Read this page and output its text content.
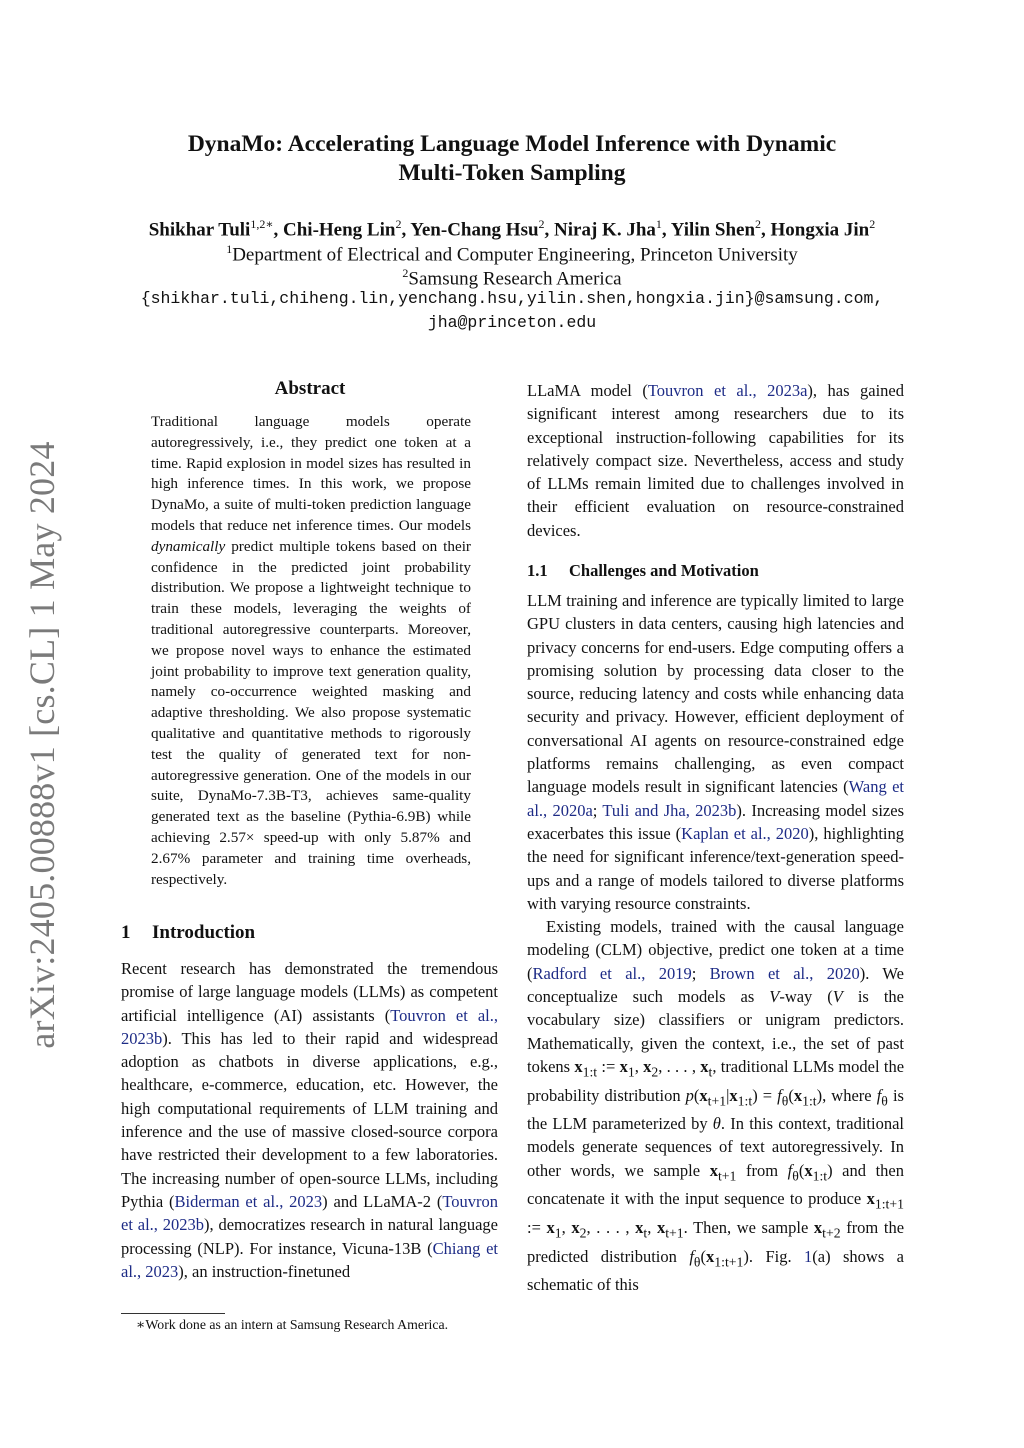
arXiv:2405.00888v1 [cs.CL] 1 May 2024
DynaMo: Accelerating Language Model Inference with Dynamic
Multi-Token Sampling
Shikhar Tuli$^{1,2∗}$, Chi-Heng Lin$^2$, Yen-Chang Hsu$^2$, Niraj K. Jha$^1$, Yilin Shen$^2$, Hongxia Jin$^2$
$^1$Department of Electrical and Computer Engineering, Princeton University
$^2$Samsung Research America
{shikhar.tuli,chiheng.lin,yenchang.hsu,yilin.shen,hongxia.jin}@samsung.com,
jha@princeton.edu
Abstract
Traditional language models operate autoregressively, i.e., they predict one token at a time. Rapid explosion in model sizes has resulted in high inference times. In this work, we propose DynaMo, a suite of multi-token prediction language models that reduce net inference times. Our models dynamically predict multiple tokens based on their confidence in the predicted joint probability distribution. We propose a lightweight technique to train these models, leveraging the weights of traditional autoregressive counterparts. Moreover, we propose novel ways to enhance the estimated joint probability to improve text generation quality, namely co-occurrence weighted masking and adaptive thresholding. We also propose systematic qualitative and quantitative methods to rigorously test the quality of generated text for non-autoregressive generation. One of the models in our suite, DynaMo-7.3B-T3, achieves same-quality generated text as the baseline (Pythia-6.9B) while achieving 2.57× speed-up with only 5.87% and 2.67% parameter and training time overheads, respectively.
1 Introduction

Recent research has demonstrated the tremendous promise of large language models (LLMs) as competent artificial intelligence (AI) assistants (Touvron et al., 2023b). This has led to their rapid and widespread adoption as chatbots in diverse applications, e.g., healthcare, e-commerce, education, etc. However, the high computational requirements of LLM training and inference and the use of massive closed-source corpora have restricted their development to a few laboratories. The increasing number of open-source LLMs, including Pythia (Biderman et al., 2023) and LLaMA-2 (Touvron et al., 2023b), democratizes research in natural language processing (NLP). For instance, Vicuna-13B (Chiang et al., 2023), an instruction-finetuned

∗Work done as an intern at Samsung Research America.

LLaMA model (Touvron et al., 2023a), has gained significant interest among researchers due to its exceptional instruction-following capabilities for its relatively compact size. Nevertheless, access and study of LLMs remain limited due to challenges involved in their efficient evaluation on resource-constrained devices.

1.1 Challenges and Motivation

LLM training and inference are typically limited to large GPU clusters in data centers, causing high latencies and privacy concerns for end-users. Edge computing offers a promising solution by processing data closer to the source, reducing latency and costs while enhancing data security and privacy. However, efficient deployment of conversational AI agents on resource-constrained edge platforms remains challenging, as even compact language models result in significant latencies (Wang et al., 2020a; Tuli and Jha, 2023b). Increasing model sizes exacerbates this issue (Kaplan et al., 2020), highlighting the need for significant inference/text-generation speed-ups and a range of models tailored to diverse platforms with varying resource constraints.

Existing models, trained with the causal language modeling (CLM) objective, predict one token at a time (Radford et al., 2019; Brown et al., 2020). We conceptualize such models as V-way (V is the vocabulary size) classifiers or unigram predictors. Mathematically, given the context, i.e., the set of past tokens $x_{1:t}$ := $x_1$, $x_2$, . . . , $x_t$, traditional LLMs model the probability distribution $p(x_{t+1}|x_{1:t}) = f_\theta(x_{1:t})$, where $f_\theta$ is the LLM parameterized by θ. In this context, traditional models generate sequences of text autoregressively. In other words, we sample $x_{t+1}$ from $f_\theta(x_{1:t})$ and then concatenate it with the input sequence to produce $x_{1:t+1}$ := $x_1$, $x_2$, . . . , $x_t$, $x_{t+1}$. Then, we sample $x_{t+2}$ from the predicted distribution $f_\theta(x_{1:t+1})$. Fig. 1(a) shows a schematic of this
